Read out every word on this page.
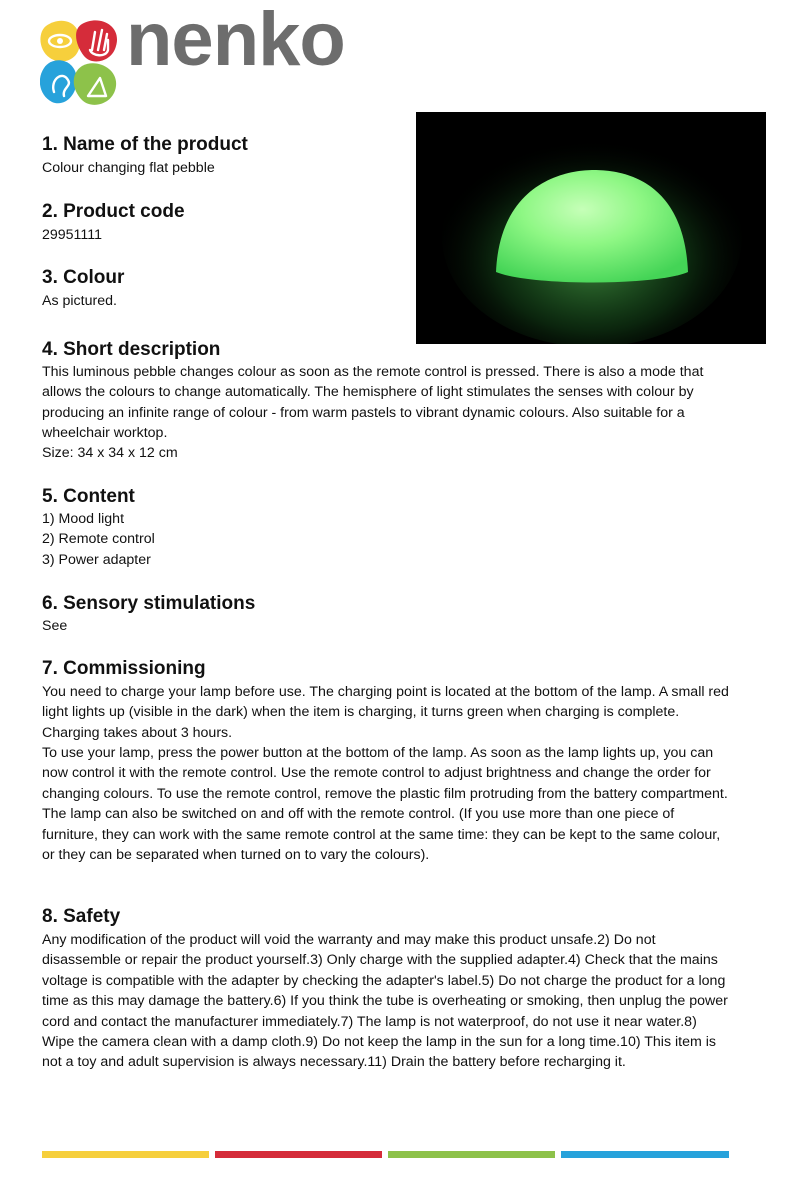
nenko
1. Name of the product

Colour changing flat pebble

2. Product code

29951111

3. Colour

As pictured.

4. Short description

This luminous pebble changes colour as soon as the remote control is pressed. There is also a mode that allows the colours to change automatically. The hemisphere of light stimulates the senses with colour by producing an infinite range of colour - from warm pastels to vibrant dynamic colours. Also suitable for a wheelchair worktop.

Size: 34 x 34 x 12 cm

5. Content

1) Mood light

2) Remote control

3) Power adapter

6. Sensory stimulations

See

7. Commissioning

You need to charge your lamp before use. The charging point is located at the bottom of the lamp. A small red light lights up (visible in the dark) when the item is charging, it turns green when charging is complete. Charging takes about 3 hours.

To use your lamp, press the power button at the bottom of the lamp. As soon as the lamp lights up, you can now control it with the remote control. Use the remote control to adjust brightness and change the order for changing colours. To use the remote control, remove the plastic film protruding from the battery compartment. The lamp can also be switched on and off with the remote control. (If you use more than one piece of furniture, they can work with the same remote control at the same time: they can be kept to the same colour, or they can be separated when turned on to vary the colours).

8. Safety

Any modification of the product will void the warranty and may make this product unsafe.2) Do not disassemble or repair the product yourself.3) Only charge with the supplied adapter.4) Check that the mains voltage is compatible with the adapter by checking the adapter's label.5) Do not charge the product for a long time as this may damage the battery.6) If you think the tube is overheating or smoking, then unplug the power cord and contact the manufacturer immediately.7) The lamp is not waterproof, do not use it near water.8) Wipe the camera clean with a damp cloth.9) Do not keep the lamp in the sun for a long time.10) This item is not a toy and adult supervision is always necessary.11) Drain the battery before recharging it.
